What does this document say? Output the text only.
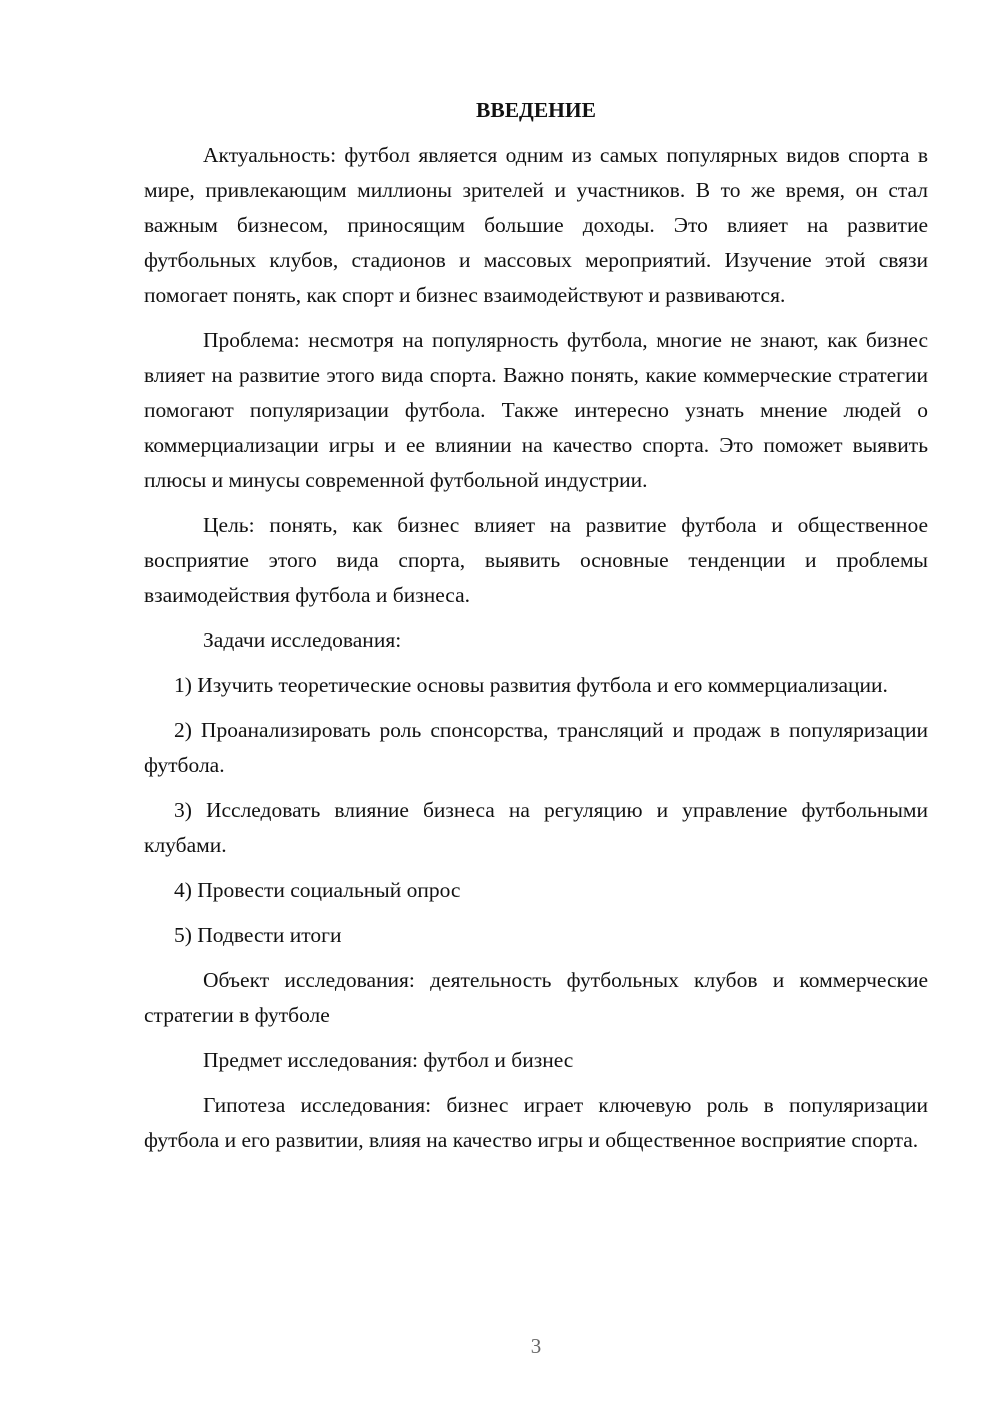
ВВЕДЕНИЕ

Актуальность: футбол является одним из самых популярных видов спорта в мире, привлекающим миллионы зрителей и участников. В то же время, он стал важным бизнесом, приносящим большие доходы. Это влияет на развитие футбольных клубов, стадионов и массовых мероприятий. Изучение этой связи помогает понять, как спорт и бизнес взаимодействуют и развиваются.

Проблема: несмотря на популярность футбола, многие не знают, как бизнес влияет на развитие этого вида спорта. Важно понять, какие коммерческие стратегии помогают популяризации футбола. Также интересно узнать мнение людей о коммерциализации игры и ее влиянии на качество спорта. Это поможет выявить плюсы и минусы современной футбольной индустрии.

Цель: понять, как бизнес влияет на развитие футбола и общественное восприятие этого вида спорта, выявить основные тенденции и проблемы взаимодействия футбола и бизнеса.

Задачи исследования:

1) Изучить теоретические основы развития футбола и его коммерциализации.

2) Проанализировать роль спонсорства, трансляций и продаж в популяризации футбола.

3) Исследовать влияние бизнеса на регуляцию и управление футбольными клубами.

4) Провести социальный опрос

5) Подвести итоги

Объект исследования: деятельность футбольных клубов и коммерческие стратегии в футболе

Предмет исследования: футбол и бизнес

Гипотеза исследования: бизнес играет ключевую роль в популяризации футбола и его развитии, влияя на качество игры и общественное восприятие спорта.

3
